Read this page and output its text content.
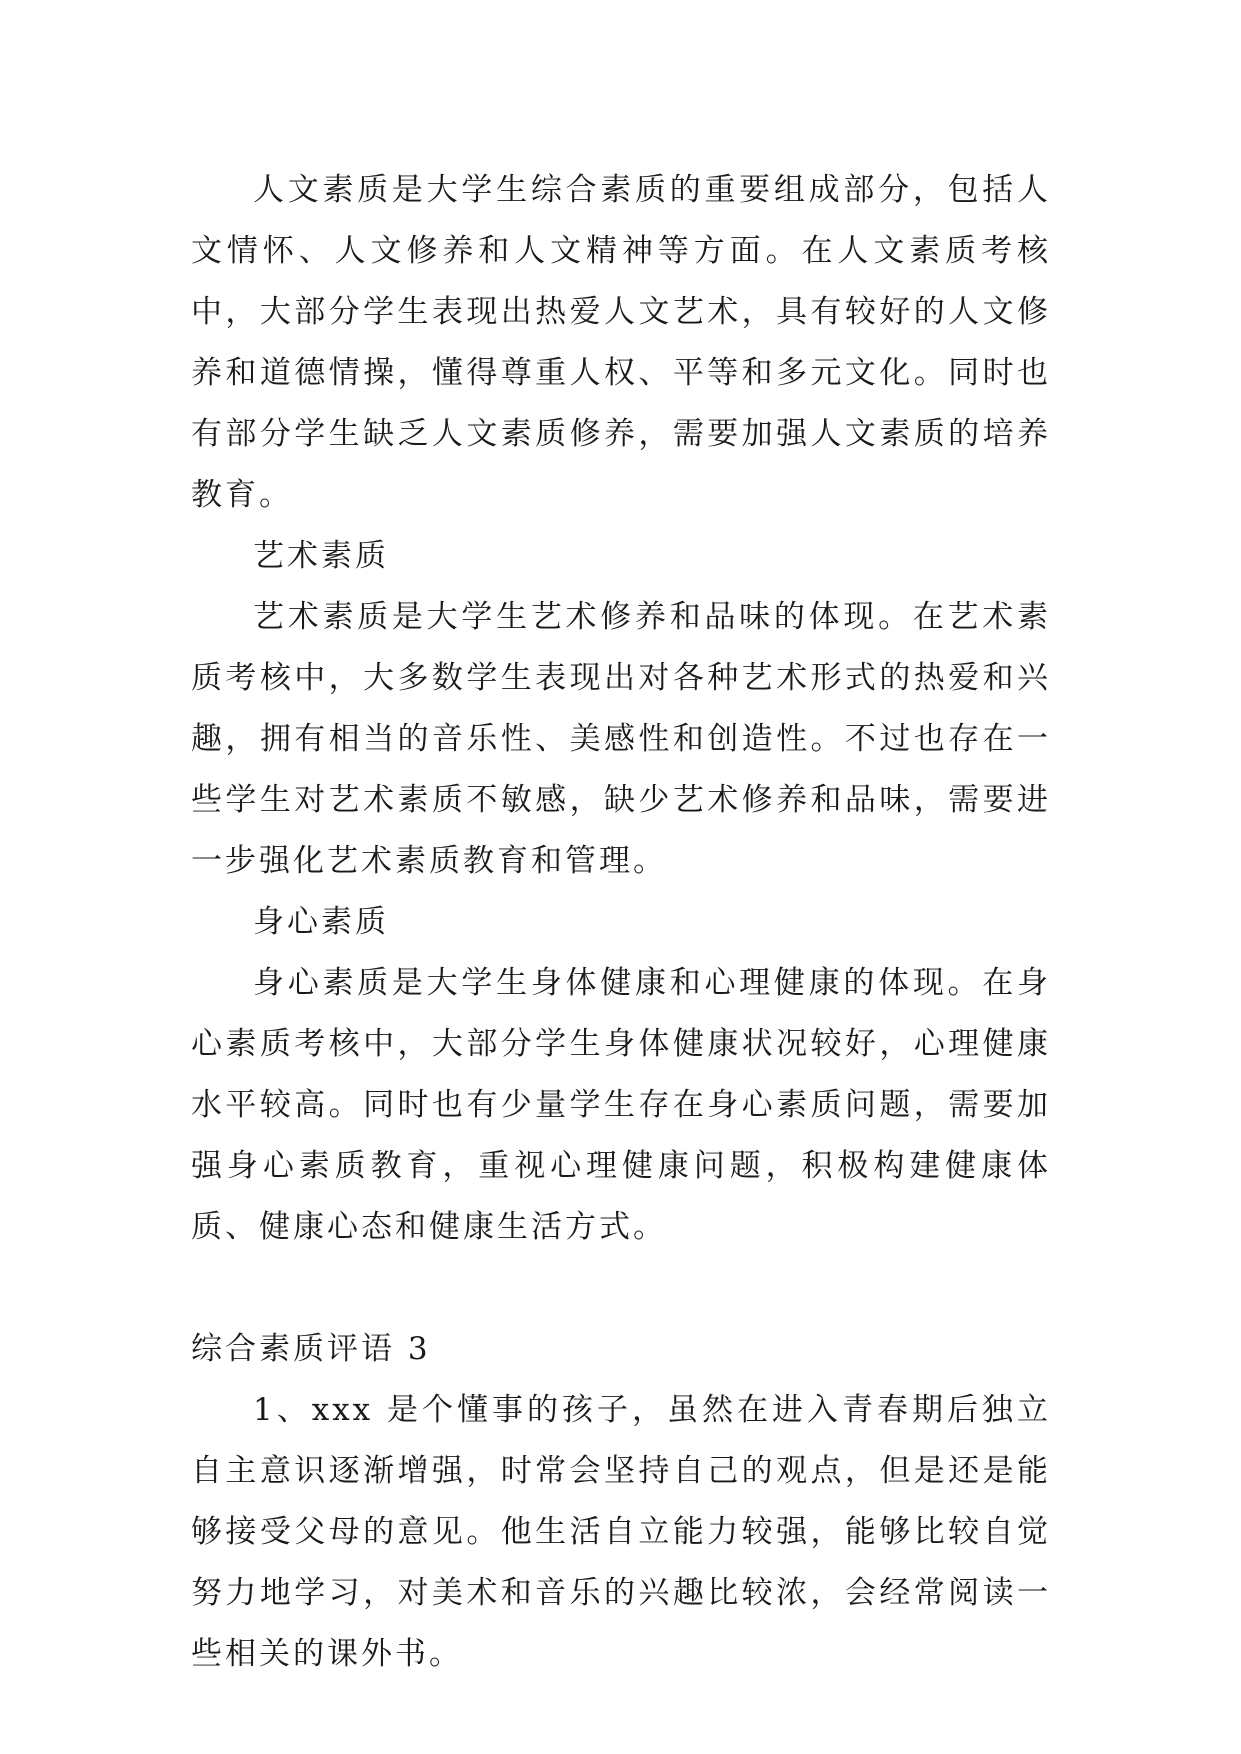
人文素质是大学生综合素质的重要组成部分，包括人文情怀、人文修养和人文精神等方面。在人文素质考核中，大部分学生表现出热爱人文艺术，具有较好的人文修养和道德情操，懂得尊重人权、平等和多元文化。同时也有部分学生缺乏人文素质修养，需要加强人文素质的培养教育。

艺术素质

艺术素质是大学生艺术修养和品味的体现。在艺术素质考核中，大多数学生表现出对各种艺术形式的热爱和兴趣，拥有相当的音乐性、美感性和创造性。不过也存在一些学生对艺术素质不敏感，缺少艺术修养和品味，需要进一步强化艺术素质教育和管理。

身心素质

身心素质是大学生身体健康和心理健康的体现。在身心素质考核中，大部分学生身体健康状况较好，心理健康水平较高。同时也有少量学生存在身心素质问题，需要加强身心素质教育，重视心理健康问题，积极构建健康体质、健康心态和健康生活方式。

综合素质评语 3

1、xxx 是个懂事的孩子，虽然在进入青春期后独立自主意识逐渐增强，时常会坚持自己的观点，但是还是能够接受父母的意见。他生活自立能力较强，能够比较自觉努力地学习，对美术和音乐的兴趣比较浓，会经常阅读一些相关的课外书。
